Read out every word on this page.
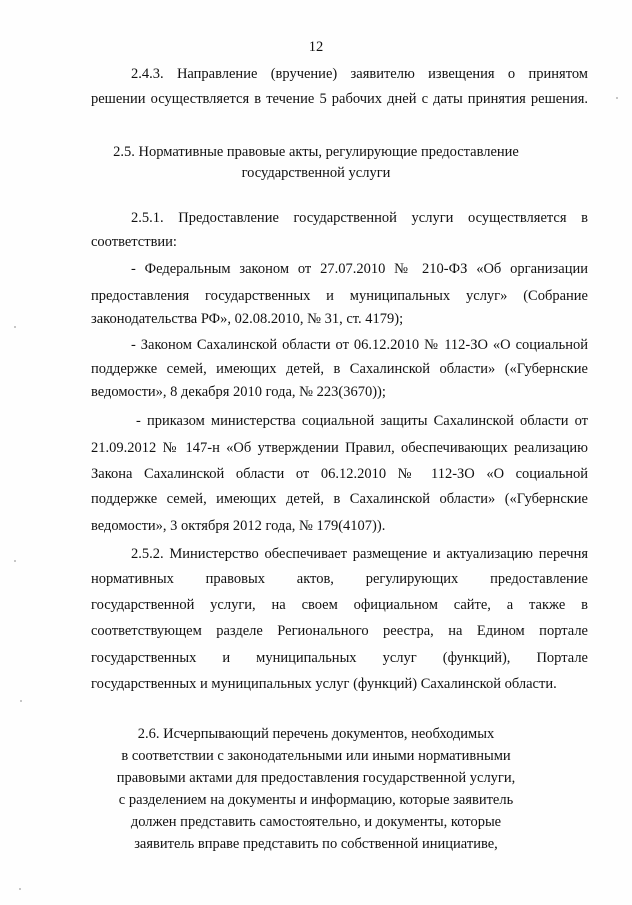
12
2.4.3. Направление (вручение) заявителю извещения о принятом
решении осуществляется в течение 5 рабочих дней с даты принятия решения.
2.5. Нормативные правовые акты, регулирующие предоставление
государственной услуги
2.5.1. Предоставление государственной услуги осуществляется в
соответствии:
- Федеральным законом от 27.07.2010 № 210-ФЗ «Об организации
предоставления государственных и муниципальных услуг» (Собрание
законодательства РФ», 02.08.2010, № 31, ст. 4179);
- Законом Сахалинской области от 06.12.2010 № 112-ЗО «О социальной
поддержке семей, имеющих детей, в Сахалинской области» («Губернские
ведомости», 8 декабря 2010 года, № 223(3670));
- приказом министерства социальной защиты Сахалинской области от
21.09.2012 № 147-н «Об утверждении Правил, обеспечивающих реализацию
Закона Сахалинской области от 06.12.2010 № 112-ЗО «О социальной
поддержке семей, имеющих детей, в Сахалинской области» («Губернские
ведомости», 3 октября 2012 года, № 179(4107)).
2.5.2. Министерство обеспечивает размещение и актуализацию перечня
нормативных правовых актов, регулирующих предоставление
государственной услуги, на своем официальном сайте, а также в
соответствующем разделе Регионального реестра, на Едином портале
государственных и муниципальных услуг (функций), Портале
государственных и муниципальных услуг (функций) Сахалинской области.
2.6. Исчерпывающий перечень документов, необходимых
в соответствии с законодательными или иными нормативными
правовыми актами для предоставления государственной услуги,
с разделением на документы и информацию, которые заявитель
должен представить самостоятельно, и документы, которые
заявитель вправе представить по собственной инициативе,
